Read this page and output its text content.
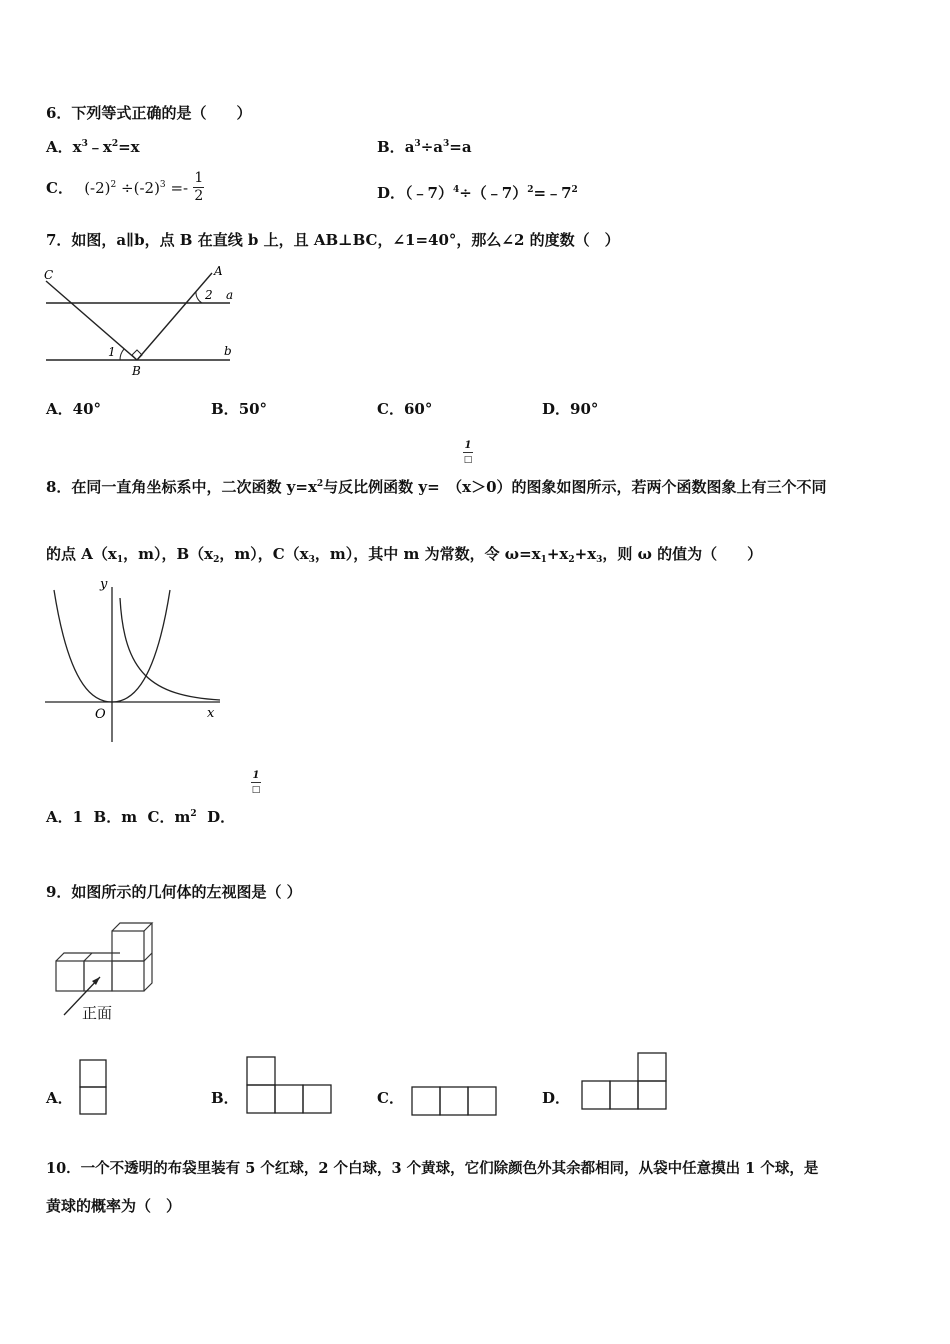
6．下列等式正确的是（　　）
A．$x^3﹣x^2=x$	B．$a^3\div a^3=a$
C． $(-2)^2 \div(-2)^3 =- \frac{1}{2}$	D．$(﹣7)^4\div(﹣7)^2=﹣7^2$
7．如图，a∥b，点 B 在直线 b 上，且 AB⊥BC，∠1=40°，那么∠2 的度数（　）
C	A
2 a
1	b
B
A．40°	B．50°	C．60°	D．90°
1
□
8．在同一直角坐标系中，二次函数 $y=x^2$与反比例函数 y=　（x＞0）的图象如图所示，若两个函数图象上有三个不同
的点 $A(x_1$，m），$B(x_2$，m），$C(x_3$，m），其中 m 为常数，令 $\omega=x_1+x_2+x_3$，则 ω 的值为（　　）
y
O	x
1
□
A．1 B．m C．$m^2$ D．
9．如图所示的几何体的左视图是（ ）
正面
A．	B．	C．	D．
10．一个不透明的布袋里装有 5 个红球，2 个白球，3 个黄球，它们除颜色外其余都相同，从袋中任意摸出 1 个球，是
黄球的概率为（　）
